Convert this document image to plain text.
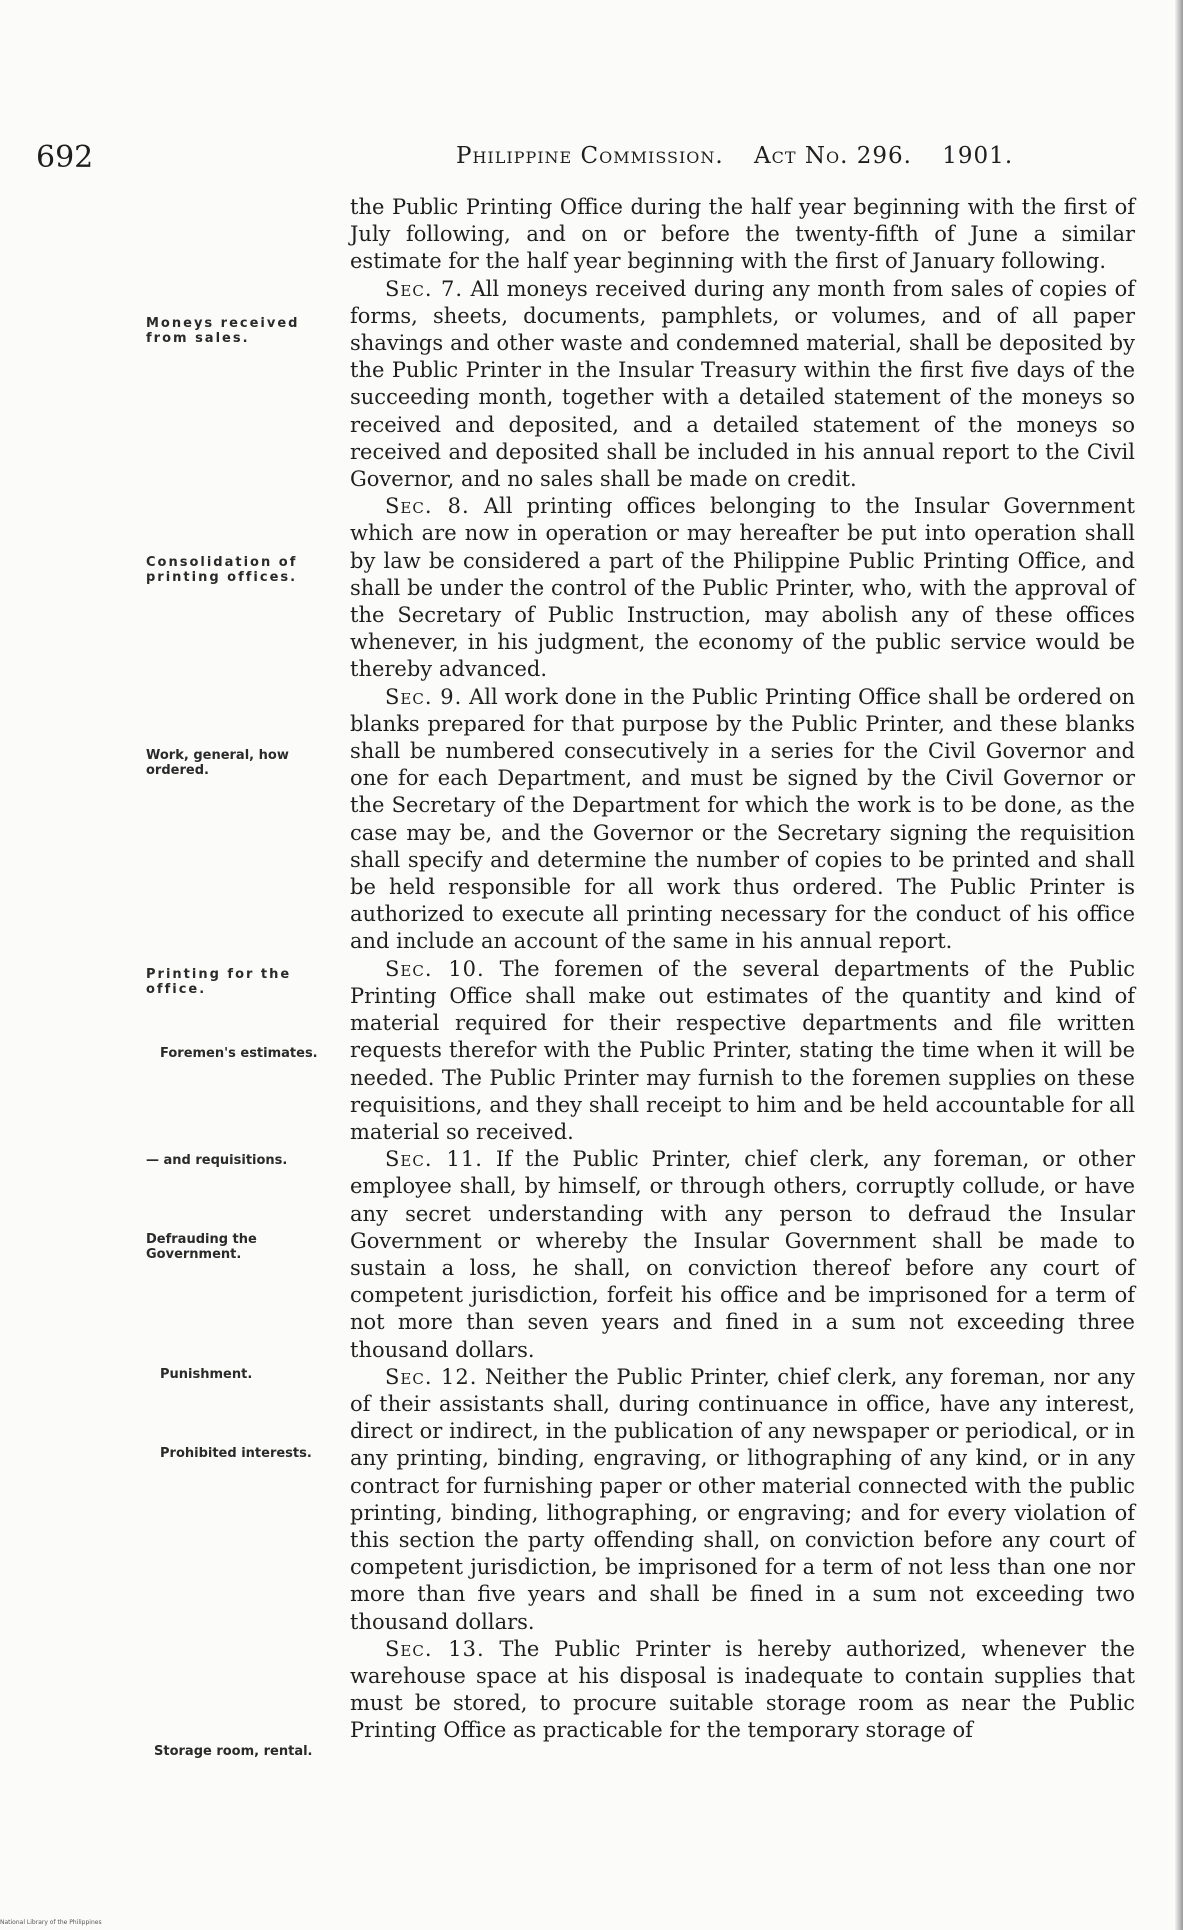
692	Philippine Commission. Act No. 296. 1901.
Moneys received from sales.
Consolidation of printing offices.
Work, general, how ordered.
Printing for the office.
Foremen's estimates.
— and requisitions.
Defrauding the Government.
Punishment.
Prohibited interests.
Storage room, rental.

the Public Printing Office during the half year beginning with the first of July following, and on or before the twenty-fifth of June a similar estimate for the half year beginning with the first of January following.

Sec. 7. All moneys received during any month from sales of copies of forms, sheets, documents, pamphlets, or volumes, and of all paper shavings and other waste and condemned material, shall be deposited by the Public Printer in the Insular Treasury within the first five days of the succeeding month, together with a detailed statement of the moneys so received and deposited, and a detailed statement of the moneys so received and deposited shall be included in his annual report to the Civil Governor, and no sales shall be made on credit.

Sec. 8. All printing offices belonging to the Insular Government which are now in operation or may hereafter be put into operation shall by law be considered a part of the Philippine Public Printing Office, and shall be under the control of the Public Printer, who, with the approval of the Secretary of Public Instruction, may abolish any of these offices whenever, in his judgment, the economy of the public service would be thereby advanced.

Sec. 9. All work done in the Public Printing Office shall be ordered on blanks prepared for that purpose by the Public Printer, and these blanks shall be numbered consecutively in a series for the Civil Governor and one for each Department, and must be signed by the Civil Governor or the Secretary of the Department for which the work is to be done, as the case may be, and the Governor or the Secretary signing the requisition shall specify and determine the number of copies to be printed and shall be held responsible for all work thus ordered. The Public Printer is authorized to execute all printing necessary for the conduct of his office and include an account of the same in his annual report.

Sec. 10. The foremen of the several departments of the Public Printing Office shall make out estimates of the quantity and kind of material required for their respective departments and file written requests therefor with the Public Printer, stating the time when it will be needed. The Public Printer may furnish to the foremen supplies on these requisitions, and they shall receipt to him and be held accountable for all material so received.

Sec. 11. If the Public Printer, chief clerk, any foreman, or other employee shall, by himself, or through others, corruptly collude, or have any secret understanding with any person to defraud the Insular Government or whereby the Insular Government shall be made to sustain a loss, he shall, on conviction thereof before any court of competent jurisdiction, forfeit his office and be imprisoned for a term of not more than seven years and fined in a sum not exceeding three thousand dollars.

Sec. 12. Neither the Public Printer, chief clerk, any foreman, nor any of their assistants shall, during continuance in office, have any interest, direct or indirect, in the publication of any newspaper or periodical, or in any printing, binding, engraving, or lithographing of any kind, or in any contract for furnishing paper or other material connected with the public printing, binding, lithographing, or engraving; and for every violation of this section the party offending shall, on conviction before any court of competent jurisdiction, be imprisoned for a term of not less than one nor more than five years and shall be fined in a sum not exceeding two thousand dollars.

Sec. 13. The Public Printer is hereby authorized, whenever the warehouse space at his disposal is inadequate to contain supplies that must be stored, to procure suitable storage room as near the Public Printing Office as practicable for the temporary storage of

National Library of the Philippines
